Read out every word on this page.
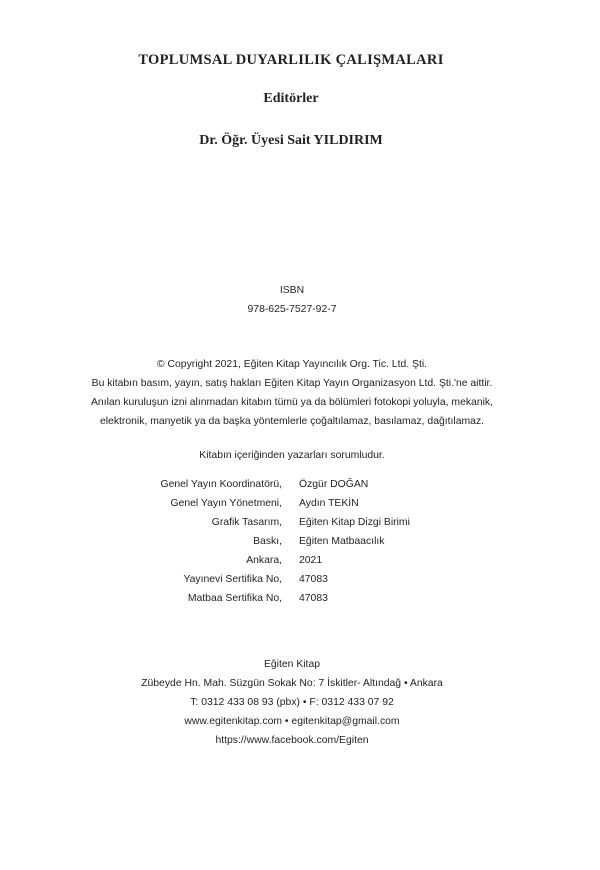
TOPLUMSAL DUYARLILIK ÇALIŞMALARI
Editörler
Dr. Öğr. Üyesi Sait YILDIRIM
ISBN
978-625-7527-92-7
© Copyright 2021, Eğiten Kitap Yayıncılık Org. Tic. Ltd. Şti.
Bu kitabın basım, yayın, satış hakları Eğiten Kitap Yayın Organizasyon Ltd. Şti.'ne aittir.
Anılan kuruluşun izni alınmadan kitabın tümü ya da bölümleri fotokopi yoluyla, mekanik,
elektronik, manyetik ya da başka yöntemlerle çoğaltılamaz, basılamaz, dağıtılamaz.
Kitabın içeriğinden yazarları sorumludur.
Genel Yayın Koordinatörü, Özgür DOĞAN
Genel Yayın Yönetmeni, Aydın TEKİN
Grafik Tasarım, Eğiten Kitap Dizgi Birimi
Baskı, Eğiten Matbaacılık
Ankara, 2021
Yayınevi Sertifika No, 47083
Matbaa Sertifika No, 47083
Eğiten Kitap
Zübeyde Hn. Mah. Süzgün Sokak No: 7 İskitler- Altındağ • Ankara
T: 0312 433 08 93 (pbx) • F: 0312 433 07 92
www.egitenkitap.com • egitenkitap@gmail.com
https://www.facebook.com/Egiten
